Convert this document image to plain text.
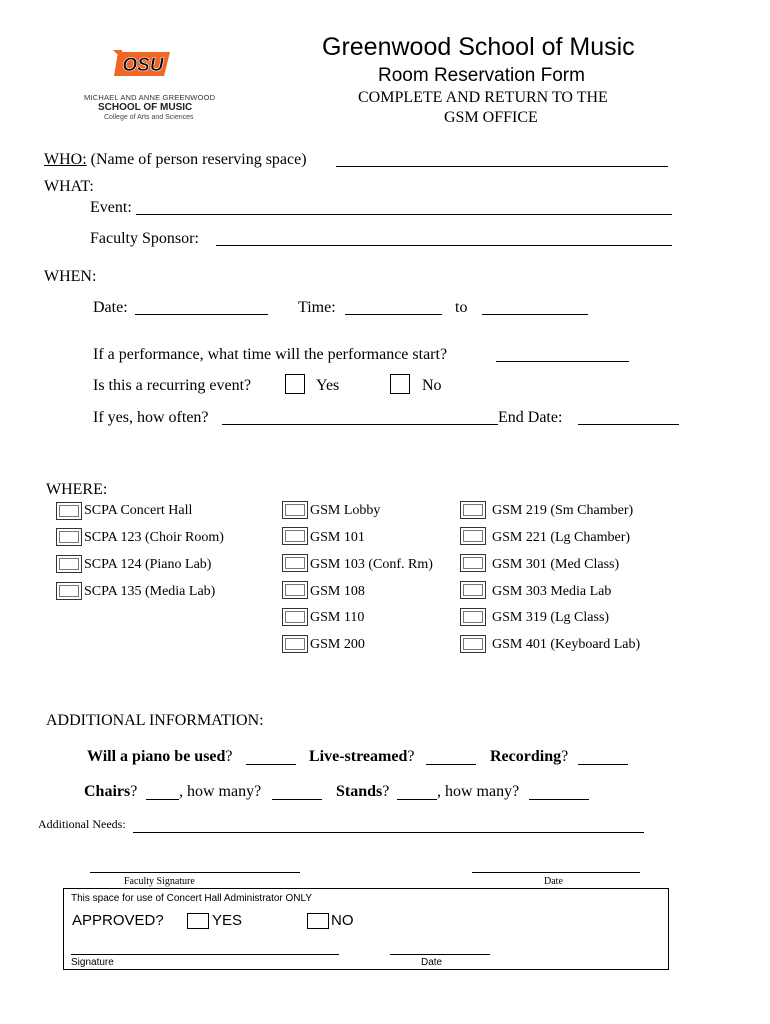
OSU
MICHAEL AND ANNE GREENWOOD
SCHOOL OF MUSIC
College of Arts and Sciences
Greenwood School of Music
Room Reservation Form
COMPLETE AND RETURN TO THE
GSM OFFICE
WHO: (Name of person reserving space)
WHAT:
Event:
Faculty Sponsor:
WHEN:
Date:	Time:	to
If a performance, what time will the performance start?
Is this a recurring event?	Yes	No
If yes, how often?	End Date:
WHERE:
SCPA Concert Hall
SCPA 123 (Choir Room)
SCPA 124 (Piano Lab)
SCPA 135 (Media Lab)
GSM Lobby
GSM 101
GSM 103 (Conf. Rm)
GSM 108
GSM 110
GSM 200
GSM 219 (Sm Chamber)
GSM 221 (Lg Chamber)
GSM 301 (Med Class)
GSM 303 Media Lab
GSM 319 (Lg Class)
GSM 401 (Keyboard Lab)
ADDITIONAL INFORMATION:
Will a piano be used?	Live-streamed?	Recording?
Chairs?	, how many?	Stands?	, how many?
Additional Needs:
Faculty Signature	Date
This space for use of Concert Hall Administrator ONLY
APPROVED?	YES	NO
Signature	Date
